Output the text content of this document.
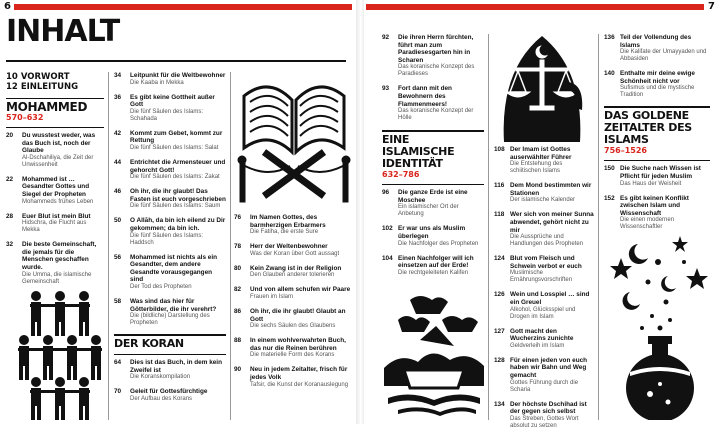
6
INHALT
10 VORWORT
12 EINLEITUNG
MOHAMMED
570–632
20	Du wusstest weder, was das Buch ist, noch der Glaube
Al-Dschahiliya, die Zeit der Unwissenheit
22	Mohammed ist … Gesandter Gottes und Siegel der Propheten
Mohammeds frühes Leben
28	Euer Blut ist mein Blut
Hidschra, die Flucht aus Mekka
32	Die beste Gemeinschaft, die jemals für die Menschen geschaffen wurde.
Die Umma, die islamische Gemeinschaft
34	Leitpunkt für die Weltbewohner
Die Kaaba in Mekka
36	Es gibt keine Gottheit außer Gott
Die fünf Säulen des Islams: Schahada
42	Kommt zum Gebet, kommt zur Rettung
Die fünf Säulen des Islams: Salat
44	Entrichtet die Armensteuer und gehorcht Gott!
Die fünf Säulen des Islams: Zakat
46	Oh ihr, die ihr glaubt! Das Fasten ist euch vorgeschrieben
Die fünf Säulen des Islams: Saum
50	O Allāh, da bin ich eilend zu Dir gekommen; da bin ich.
Die fünf Säulen des Islams: Haddsch
56	Mohammed ist nichts als ein Gesandter, dem andere Gesandte vorausgegangen sind
Der Tod des Propheten
58	Was sind das hier für Götterbilder, die ihr verehrt?
Die (bildliche) Darstellung des Propheten
DER KORAN
64	Dies ist das Buch, in dem kein Zweifel ist
Die Koranskompilation
70	Geleit für Gottesfürchtige
Der Aufbau des Korans
76	Im Namen Gottes, des barmherzigen Erbarmers
Die Fatiha, die erste Sure
78	Herr der Weltenbewohner
Was der Koran über Gott aussagt
80	Kein Zwang ist in der Religion
Den Glauben anderer tolerieren
82	Und von allem schufen wir Paare
Frauen im Islam
86	Oh ihr, die ihr glaubt! Glaubt an Gott
Die sechs Säulen des Glaubens
88	In einem wohlverwahrten Buch, das nur die Reinen berühren
Die materielle Form des Korans
90	Neu in jedem Zeitalter, frisch für jedes Volk
Tafsir, die Kunst der Koranauslegung
7
92	Die ihren Herrn fürchten, führt man zum Paradiesesgarten hin in Scharen
Das koranische Konzept des Paradieses
93	Fort dann mit den Bewohnern des Flammenmeers!
Das koranische Konzept der Hölle
EINE ISLAMISCHE IDENTITÄT
632–786
96	Die ganze Erde ist eine Moschee
Ein islamischer Ort der Anbetung
102 Er war uns als Muslim überlegen
Die Nachfolger des Propheten
104 Einen Nachfolger will ich einsetzen auf der Erde!
Die rechtgeleiteten Kalifen
108 Der Imam ist Gottes auserwählter Führer
Die Entstehung des schiitischen Islams
116 Dem Mond bestimmten wir Stationen
Der islamische Kalender
118 Wer sich von meiner Sunna abwendet, gehört nicht zu mir
Die Aussprüche und Handlungen des Propheten
124 Blut vom Fleisch und Schwein verbot er euch
Muslimische Ernährungsvorschriften
126 Wein und Losspiel … sind ein Greuel
Alkohol, Glücksspiel und Drogen im Islam
127 Gott macht den Wucherzins zunichte
Geldverleih im Islam
128 Für einen jeden von euch haben wir Bahn und Weg gemacht
Gottes Führung durch die Scharia
134 Der höchste Dschihad ist der gegen sich selbst
Das Streben, Gottes Wort absolut zu setzen
136 Teil der Vollendung des Islams
Die Kalifate der Umayyaden und Abbasiden
140 Enthalte mir deine ewige Schönheit nicht vor
Sufismus und die mystische Tradition
DAS GOLDENE ZEITALTER DES ISLAMS
756–1526
150 Die Suche nach Wissen ist Pflicht für jeden Muslim
Das Haus der Weisheit
152 Es gibt keinen Konflikt zwischen Islam und Wissenschaft
Die einen modernen Wissenschaftler
